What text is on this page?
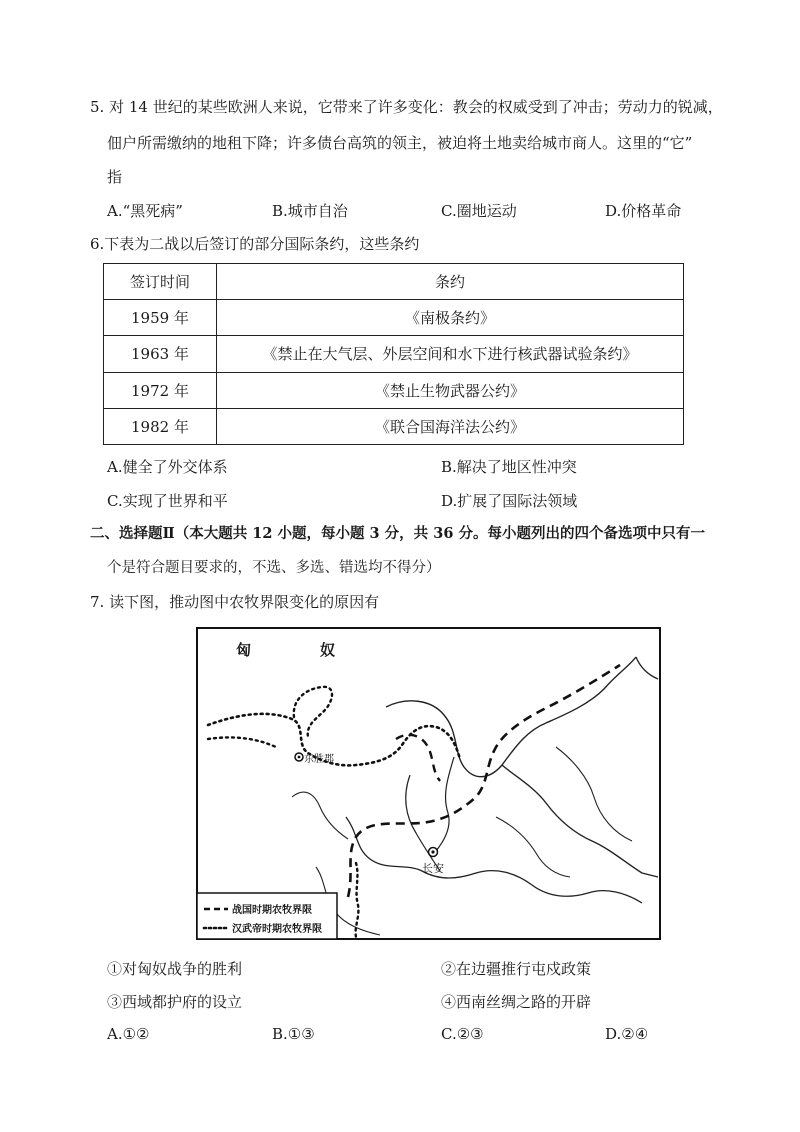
5. 对 14 世纪的某些欧洲人来说，它带来了许多变化：教会的权威受到了冲击；劳动力的锐减，
佃户所需缴纳的地租下降；许多债台高筑的领主，被迫将土地卖给城市商人。这里的“它”
指
A.“黑死病”	B.城市自治	C.圈地运动	D.价格革命
6.下表为二战以后签订的部分国际条约，这些条约
签订时间	条约
1959 年	《南极条约》
1963 年	《禁止在大气层、外层空间和水下进行核武器试验条约》
1972 年	《禁止生物武器公约》
1982 年	《联合国海洋法公约》
A.健全了外交体系	B.解决了地区性冲突
C.实现了世界和平	D.扩展了国际法领域
二、选择题Ⅱ（本大题共 12 小题，每小题 3 分，共 36 分。每小题列出的四个备选项中只有一
个是符合题目要求的，不选、多选、错选均不得分）
7. 读下图，推动图中农牧界限变化的原因有
匈	奴
东胜郡
长安
战国时期农牧界限
汉武帝时期农牧界限
①对匈奴战争的胜利	②在边疆推行屯戍政策
③西域都护府的设立	④西南丝绸之路的开辟
A.①②	B.①③	C.②③	D.②④
